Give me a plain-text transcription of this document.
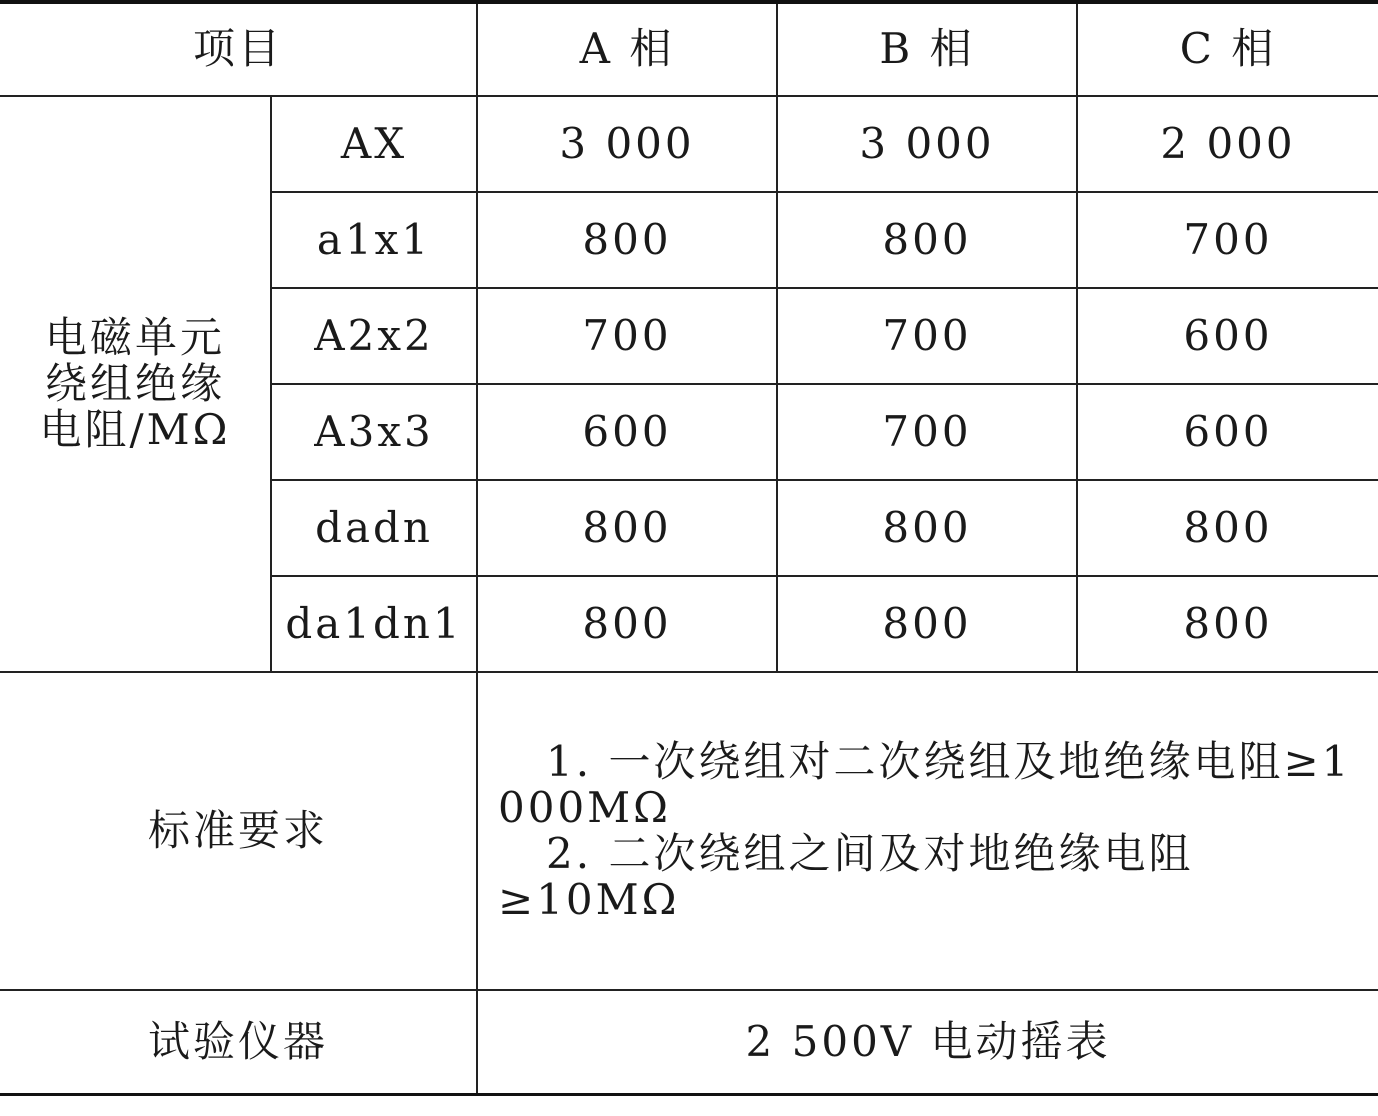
项目		A 相	B 相	C 相

电磁单元
绕组绝缘
电阻/MΩ	AX	3 000	3 000	2 000
	a1x1	800	800	700
	A2x2	700	700	600
	A3x3	600	700	600
	dadn	800	800	800
	da1dn1	800	800	800
标准要求		1. 一次绕组对二次绕组及地绝缘电阻≥1 000MΩ
2. 二次绕组之间及对地绝缘电阻≥10MΩ		

试验仪器		2 500V 电动摇表		
